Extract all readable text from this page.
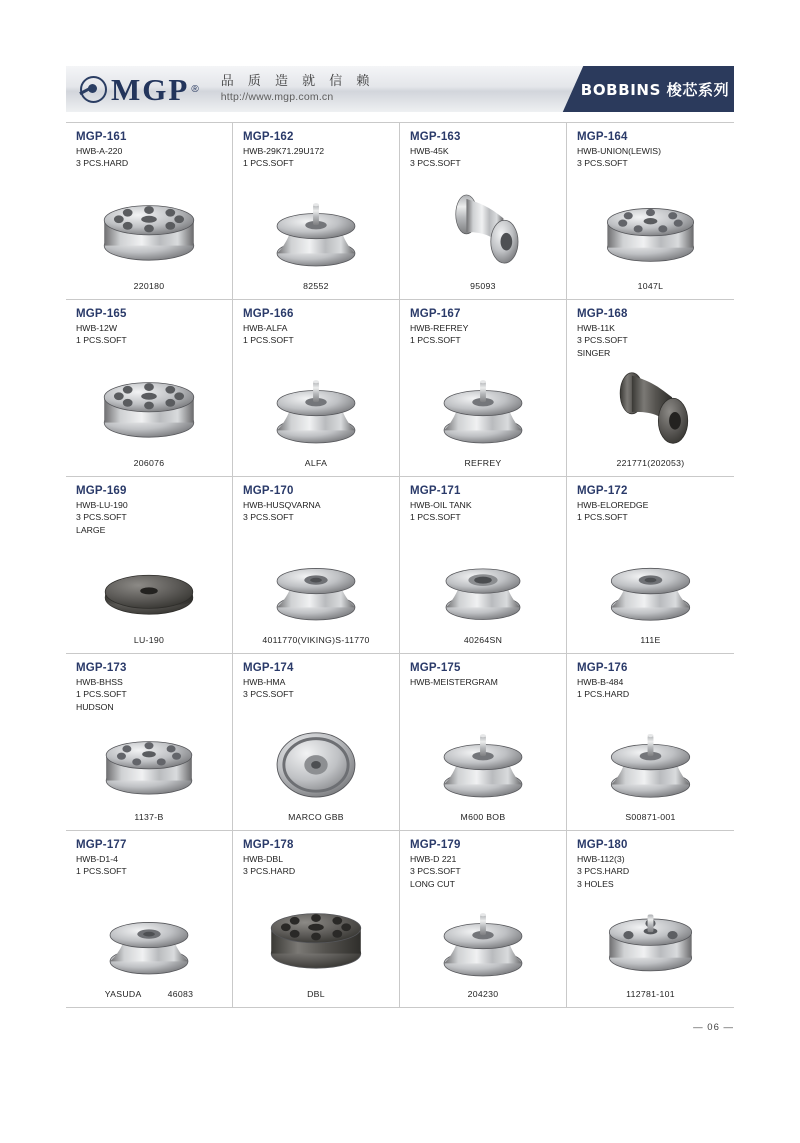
MGP ® 品 质 造 就 信 赖
http://www.mgp.com.cn	BOBBINS 梭芯系列
MGP-161
HWB-A-220
3 PCS.HARD
220180
MGP-162
HWB-29K71.29U172
1 PCS.SOFT
82552
MGP-163
HWB-45K
3 PCS.SOFT
95093
MGP-164
HWB-UNION(LEWIS)
3 PCS.SOFT
1047L
MGP-165
HWB-12W
1 PCS.SOFT
206076
MGP-166
HWB-ALFA
1 PCS.SOFT
ALFA
MGP-167
HWB-REFREY
1 PCS.SOFT
REFREY
MGP-168
HWB-11K
3 PCS.SOFT
SINGER
221771(202053)
MGP-169
HWB-LU-190
3 PCS.SOFT
LARGE
LU-190
MGP-170
HWB-HUSQVARNA
3 PCS.SOFT
4011770(VIKING)S-11770
MGP-171
HWB-OIL TANK
1 PCS.SOFT
40264SN
MGP-172
HWB-ELOREDGE
1 PCS.SOFT
111E
MGP-173
HWB-BHSS
1 PCS.SOFT
HUDSON
1137-B
MGP-174
HWB-HMA
3 PCS.SOFT
MARCO GBB
MGP-175
HWB-MEISTERGRAM
M600 BOB
MGP-176
HWB-B-484
1 PCS.HARD
S00871-001
MGP-177
HWB-D1-4
1 PCS.SOFT
YASUDA	46083
MGP-178
HWB-DBL
3 PCS.HARD
DBL
MGP-179
HWB-D 221
3 PCS.SOFT
LONG CUT
204230
MGP-180
HWB-112(3)
3 PCS.HARD
3 HOLES
112781-101
— 06 —
